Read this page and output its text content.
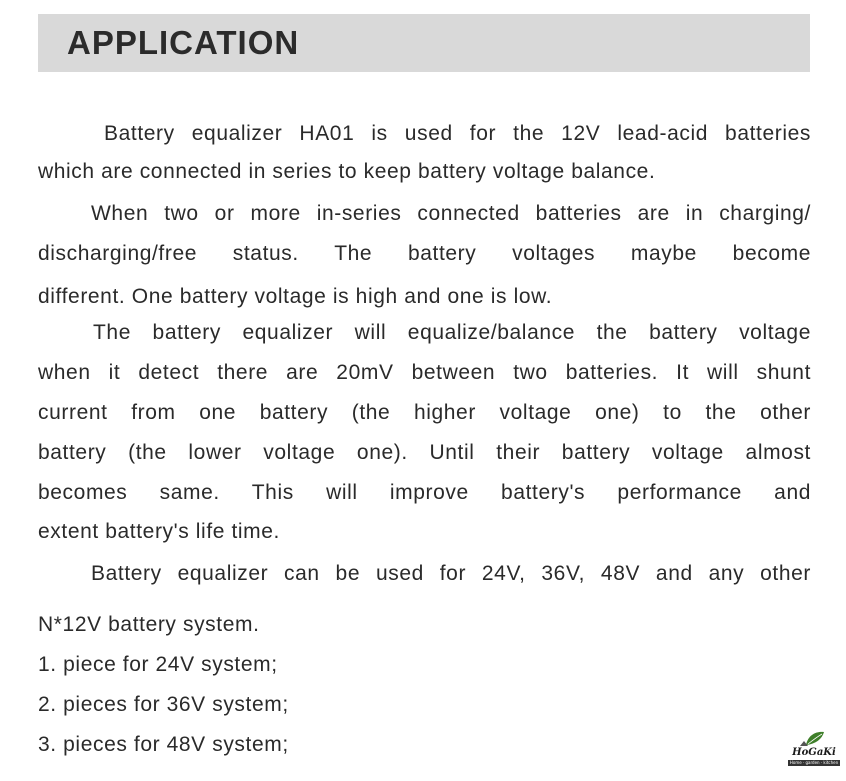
APPLICATION

Battery equalizer HA01 is used for the 12V lead-acid batteries

which are connected in series to keep battery voltage balance.

When two or more in-series connected batteries are in charging/

discharging/free status. The battery voltages maybe become

different. One battery voltage is high and one is low.

The battery equalizer will equalize/balance the battery voltage

when it detect there are 20mV between two batteries. It will shunt

current from one battery (the higher voltage one) to the other

battery (the lower voltage one). Until their battery voltage almost

becomes same. This will improve battery's performance and

extent battery's life time.

Battery equalizer can be used for 24V, 36V, 48V and any other

N*12V battery system.

1. piece for 24V system;

2. pieces for 36V system;

3. pieces for 48V system;	HoGaKi
Home · garden · kitchen
